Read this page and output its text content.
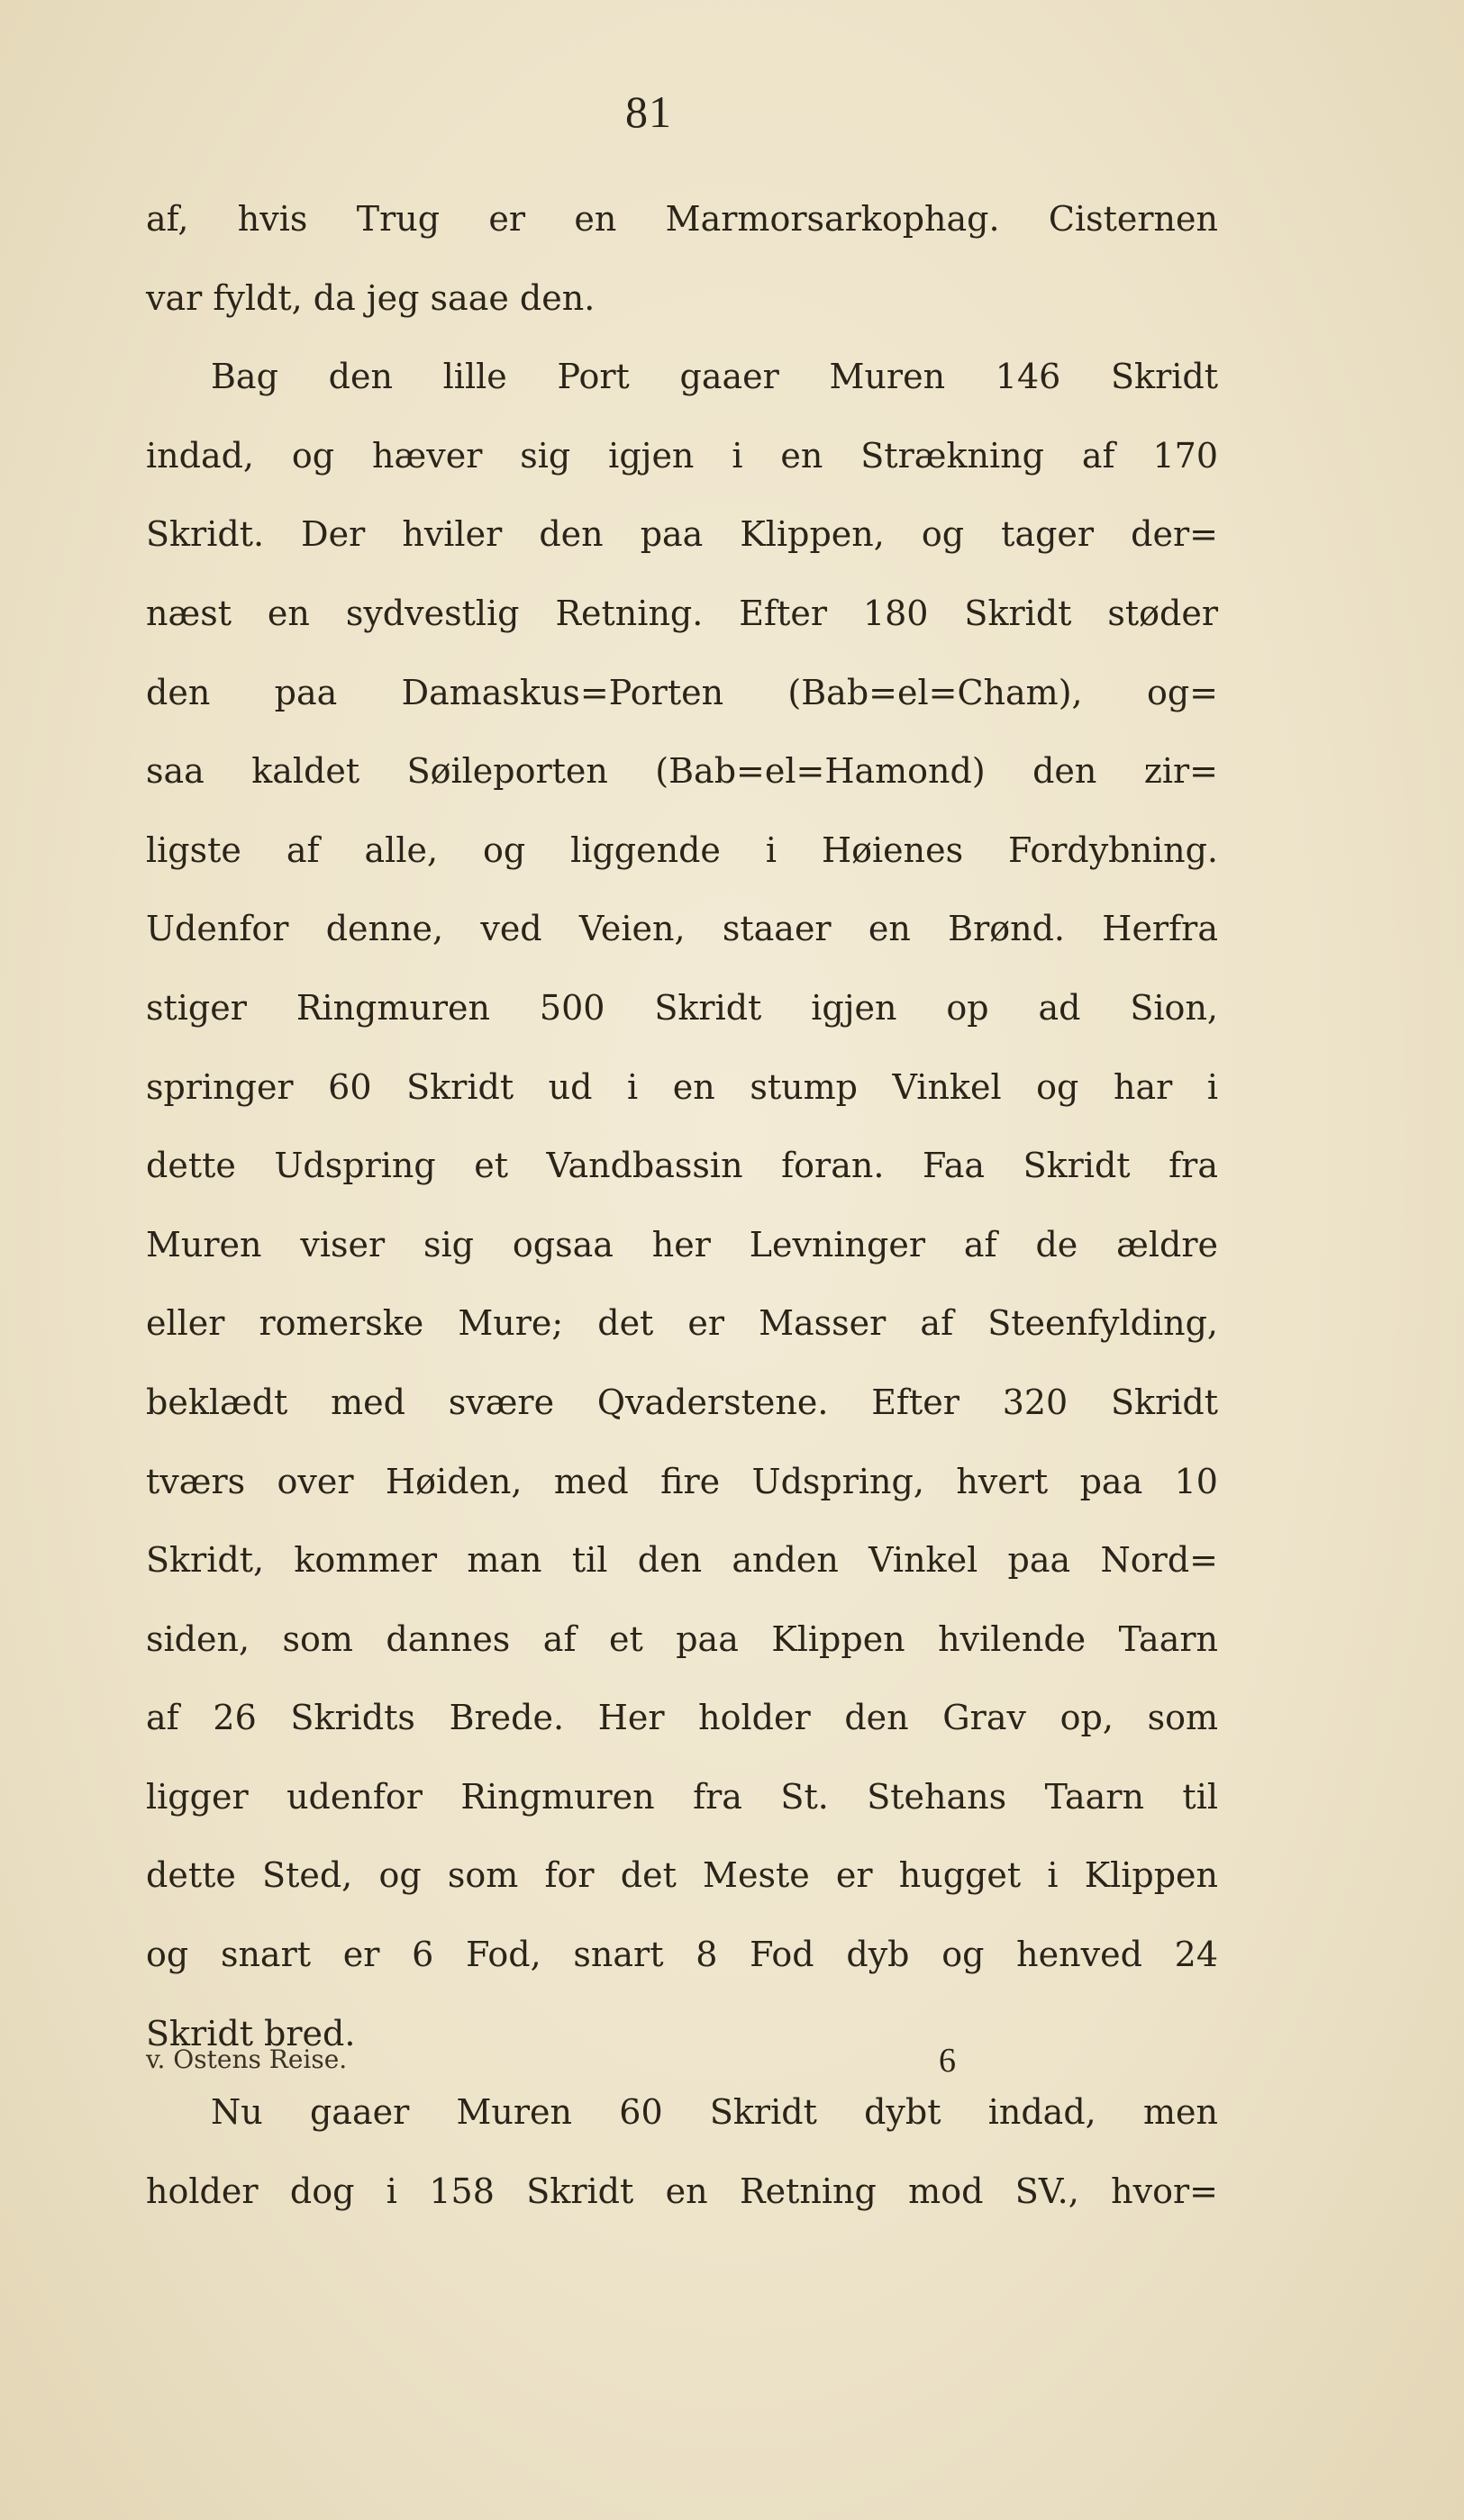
81
af, hvis Trug er en Marmorsarkophag. Cisternen
var fyldt, da jeg saae den.
Bag den lille Port gaaer Muren 146 Skridt
indad, og hæver sig igjen i en Strækning af 170
Skridt. Der hviler den paa Klippen, og tager der=
næst en sydvestlig Retning. Efter 180 Skridt støder
den paa Damaskus=Porten (Bab=el=Cham), og=
saa kaldet Søileporten (Bab=el=Hamond) den zir=
ligste af alle, og liggende i Høienes Fordybning.
Udenfor denne, ved Veien, staaer en Brønd. Herfra
stiger Ringmuren 500 Skridt igjen op ad Sion,
springer 60 Skridt ud i en stump Vinkel og har i
dette Udspring et Vandbassin foran. Faa Skridt fra
Muren viser sig ogsaa her Levninger af de ældre
eller romerske Mure; det er Masser af Steenfylding,
beklædt med svære Qvaderstene. Efter 320 Skridt
tværs over Høiden, med fire Udspring, hvert paa 10
Skridt, kommer man til den anden Vinkel paa Nord=
siden, som dannes af et paa Klippen hvilende Taarn
af 26 Skridts Brede. Her holder den Grav op, som
ligger udenfor Ringmuren fra St. Stehans Taarn til
dette Sted, og som for det Meste er hugget i Klippen
og snart er 6 Fod, snart 8 Fod dyb og henved 24
Skridt bred.
Nu gaaer Muren 60 Skridt dybt indad, men
holder dog i 158 Skridt en Retning mod SV., hvor=
v. Ostens Reise.	6
